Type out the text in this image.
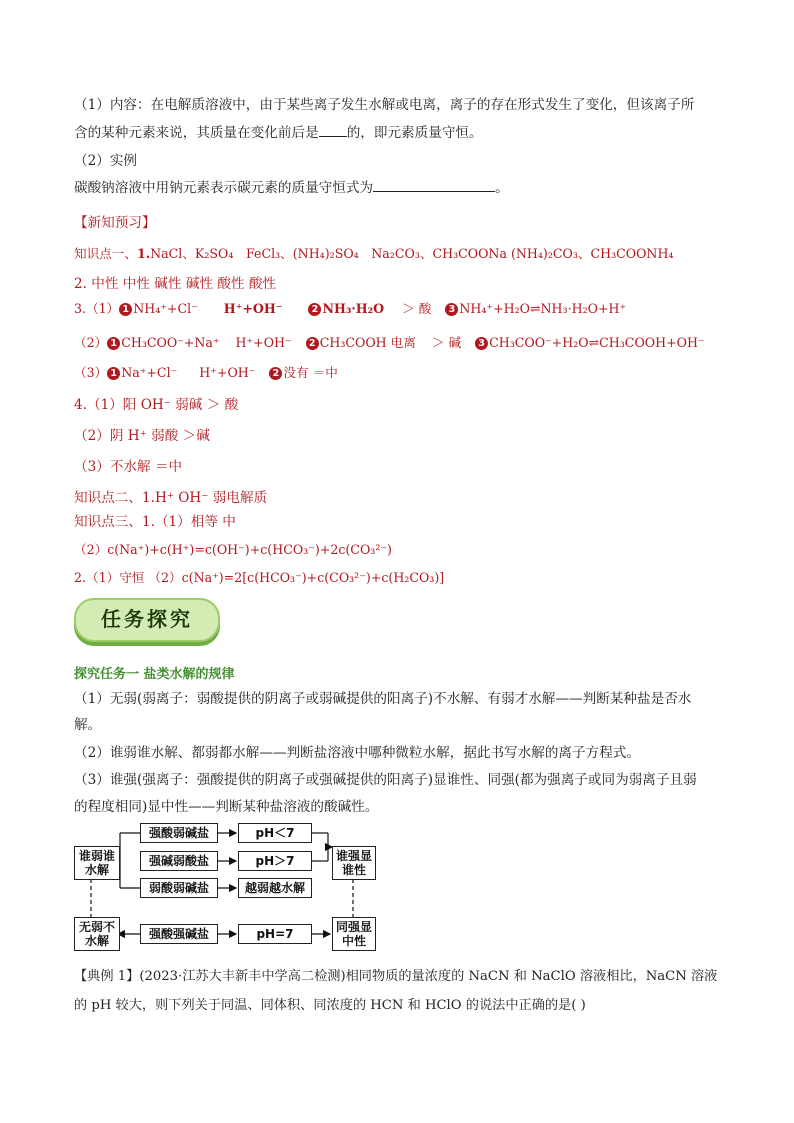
（1）内容：在电解质溶液中，由于某些离子发生水解或电离，离子的存在形式发生了变化，但该离子所
含的某种元素来说，其质量在变化前后是 的，即元素质量守恒。
（2）实例
碳酸钠溶液中用钠元素表示碳元素的质量守恒式为	。
【新知预习】
知识点一、1.NaCl、K₂SO₄　FeCl₃、(NH₄)₂SO₄　Na₂CO₃、CH₃COONa (NH₄)₂CO₃、CH₃COONH₄
2. 中性 中性 碱性 碱性 酸性 酸性
3.（1） 1 NH₄⁺+Cl⁻ H⁺+OH⁻	2 NH₃·H₂O ＞ 酸 3 NH₄⁺+H₂O⇌NH₃·H₂O+H⁺
（2） 1 CH₃COO⁻+Na⁺ H⁺+OH⁻ 2 CH₃COOH 电离 ＞ 碱 3 CH₃COO⁻+H₂O⇌CH₃COOH+OH⁻
（3） 1 Na⁺+Cl⁻ H⁺+OH⁻ 2 没有 ＝中
4.（1）阳 OH⁻ 弱碱 ＞ 酸
（2）阴 H⁺ 弱酸 ＞碱
（3）不水解 ＝中
知识点二、1.H⁺ OH⁻ 弱电解质
知识点三、1.（1）相等 中
（2）c(Na⁺)+c(H⁺)=c(OH⁻)+c(HCO₃⁻)+2c(CO₃²⁻)
2.（1）守恒 （2）c(Na⁺)=2[c(HCO₃⁻)+c(CO₃²⁻)+c(H₂CO₃)]
任务探究
探究任务一 盐类水解的规律
（1）无弱(弱离子：弱酸提供的阴离子或弱碱提供的阳离子)不水解、有弱才水解——判断某种盐是否水
解。
（2）谁弱谁水解、都弱都水解——判断盐溶液中哪种微粒水解，据此书写水解的离子方程式。
（3）谁强(强离子：强酸提供的阴离子或强碱提供的阳离子)显谁性、同强(都为强离子或同为弱离子且弱
的程度相同)显中性——判断某种盐溶液的酸碱性。
谁弱谁水解
无弱不水解
强酸弱碱盐
强碱弱酸盐
弱酸弱碱盐
强酸强碱盐
pH＜7
pH＞7
越弱越水解
pH=7
谁强显谁性
同强显中性
【典例 1】(2023·江苏大丰新丰中学高二检测)相同物质的量浓度的 NaCN 和 NaClO 溶液相比，NaCN 溶液
的 pH 较大，则下列关于同温、同体积、同浓度的 HCN 和 HClO 的说法中正确的是( )
